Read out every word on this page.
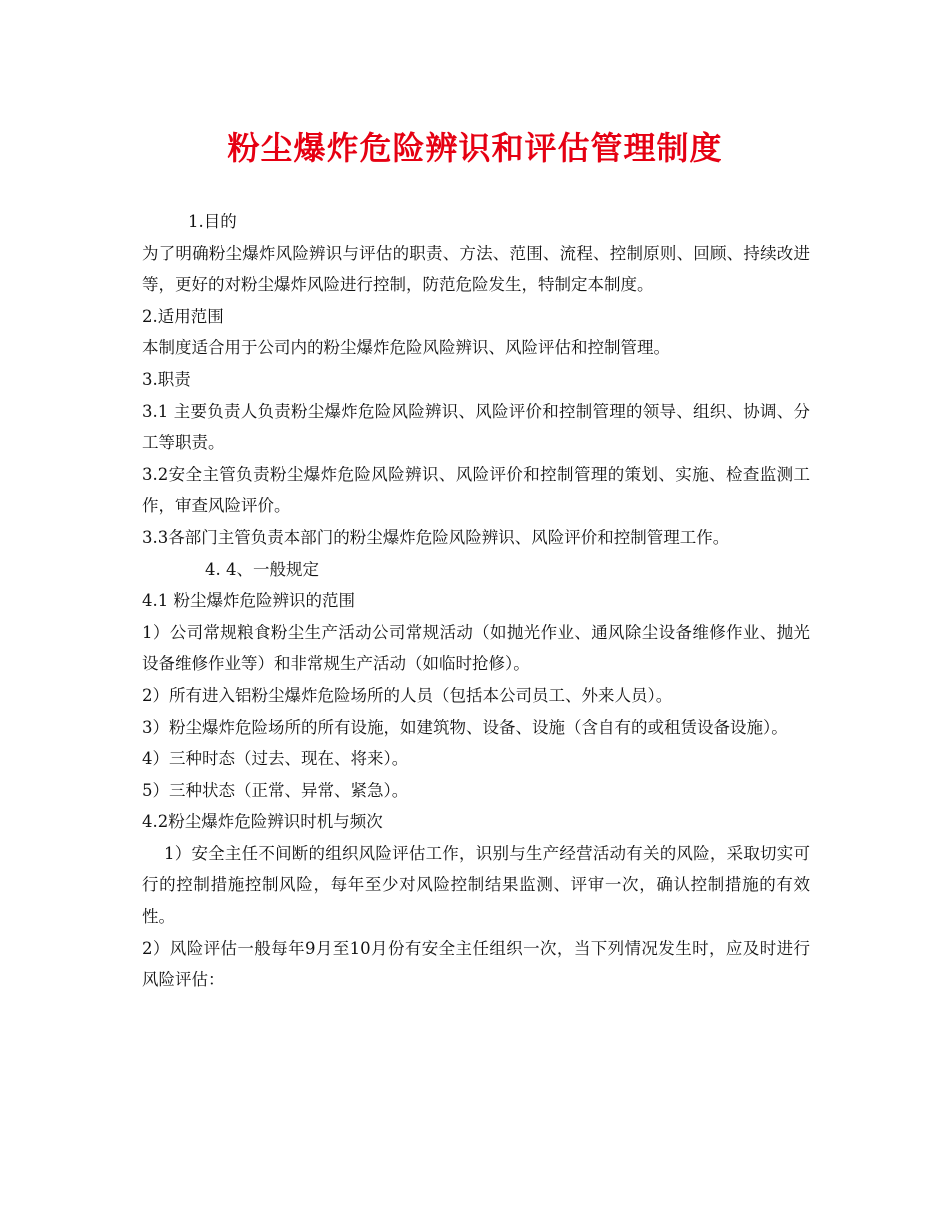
粉尘爆炸危险辨识和评估管理制度
1.目的
为了明确粉尘爆炸风险辨识与评估的职责、方法、范围、流程、控制原则、回顾、持续改进等，更好的对粉尘爆炸风险进行控制，防范危险发生，特制定本制度。
2.适用范围
本制度适合用于公司内的粉尘爆炸危险风险辨识、风险评估和控制管理。
3.职责
3.1 主要负责人负责粉尘爆炸危险风险辨识、风险评价和控制管理的领导、组织、协调、分工等职责。
3.2安全主管负责粉尘爆炸危险风险辨识、风险评价和控制管理的策划、实施、检查监测工作，审查风险评价。
3.3各部门主管负责本部门的粉尘爆炸危险风险辨识、风险评价和控制管理工作。
4. 4、一般规定
4.1 粉尘爆炸危险辨识的范围
1）公司常规粮食粉尘生产活动公司常规活动（如抛光作业、通风除尘设备维修作业、抛光设备维修作业等）和非常规生产活动（如临时抢修）。
2）所有进入铝粉尘爆炸危险场所的人员（包括本公司员工、外来人员）。
3）粉尘爆炸危险场所的所有设施，如建筑物、设备、设施（含自有的或租赁设备设施）。
4）三种时态（过去、现在、将来）。
5）三种状态（正常、异常、紧急）。
4.2粉尘爆炸危险辨识时机与频次
1）安全主任不间断的组织风险评估工作，识别与生产经营活动有关的风险，采取切实可行的控制措施控制风险，每年至少对风险控制结果监测、评审一次，确认控制措施的有效性。
2）风险评估一般每年9月至10月份有安全主任组织一次，当下列情况发生时，应及时进行风险评估：
